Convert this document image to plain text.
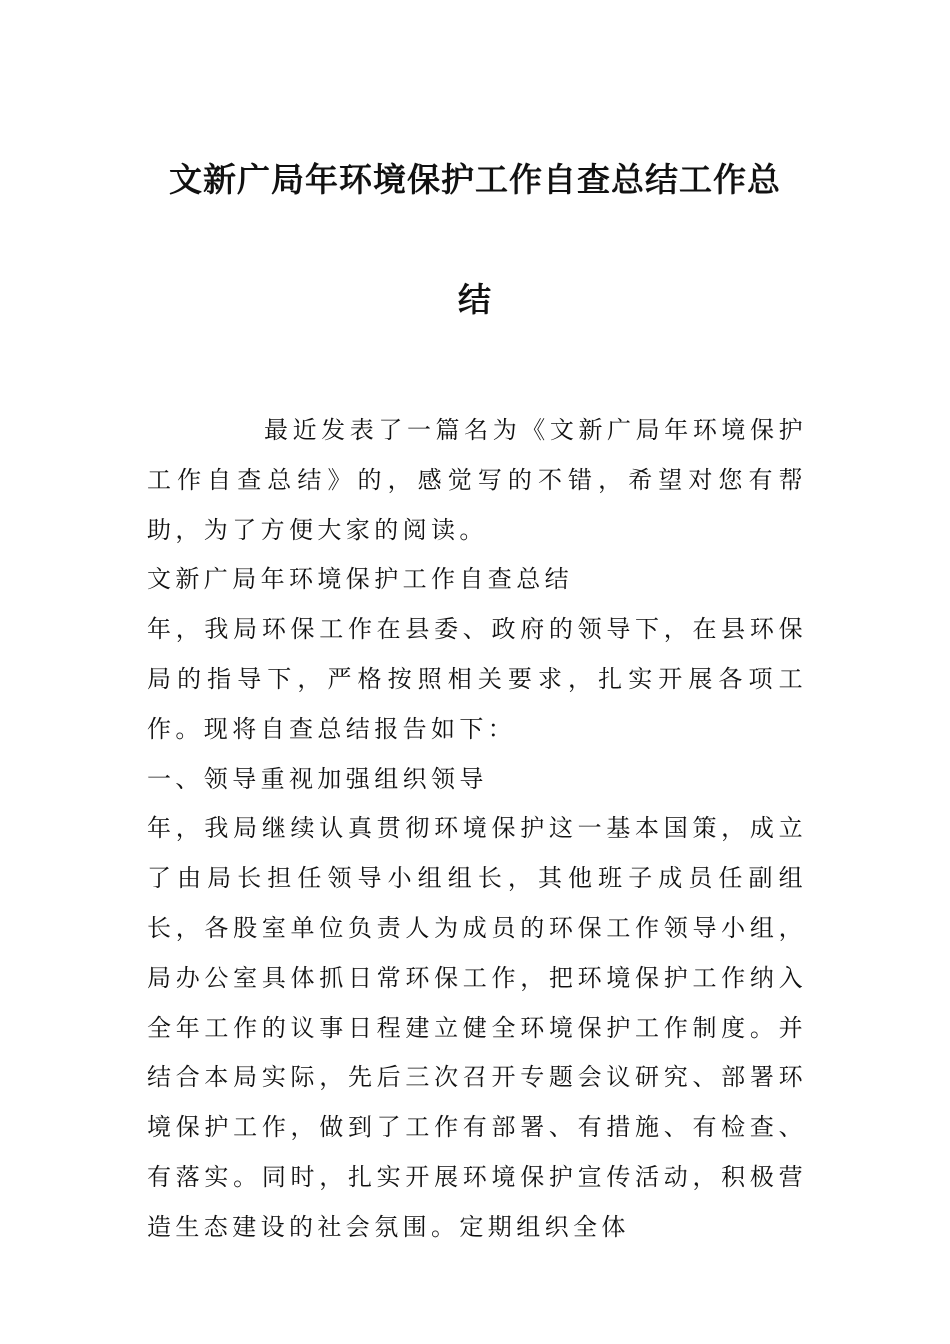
文新广局年环境保护工作自查总结工作总
结

最近发表了一篇名为《文新广局年环境保护工作自查总结》的，感觉写的不错，希望对您有帮助，为了方便大家的阅读。

文新广局年环境保护工作自查总结

年，我局环保工作在县委、政府的领导下，在县环保局的指导下，严格按照相关要求，扎实开展各项工作。现将自查总结报告如下：

一、领导重视加强组织领导

年，我局继续认真贯彻环境保护这一基本国策，成立了由局长担任领导小组组长，其他班子成员任副组长，各股室单位负责人为成员的环保工作领导小组，局办公室具体抓日常环保工作，把环境保护工作纳入全年工作的议事日程建立健全环境保护工作制度。并结合本局实际，先后三次召开专题会议研究、部署环境保护工作，做到了工作有部署、有措施、有检查、有落实。同时，扎实开展环境保护宣传活动，积极营造生态建设的社会氛围。定期组织全体
